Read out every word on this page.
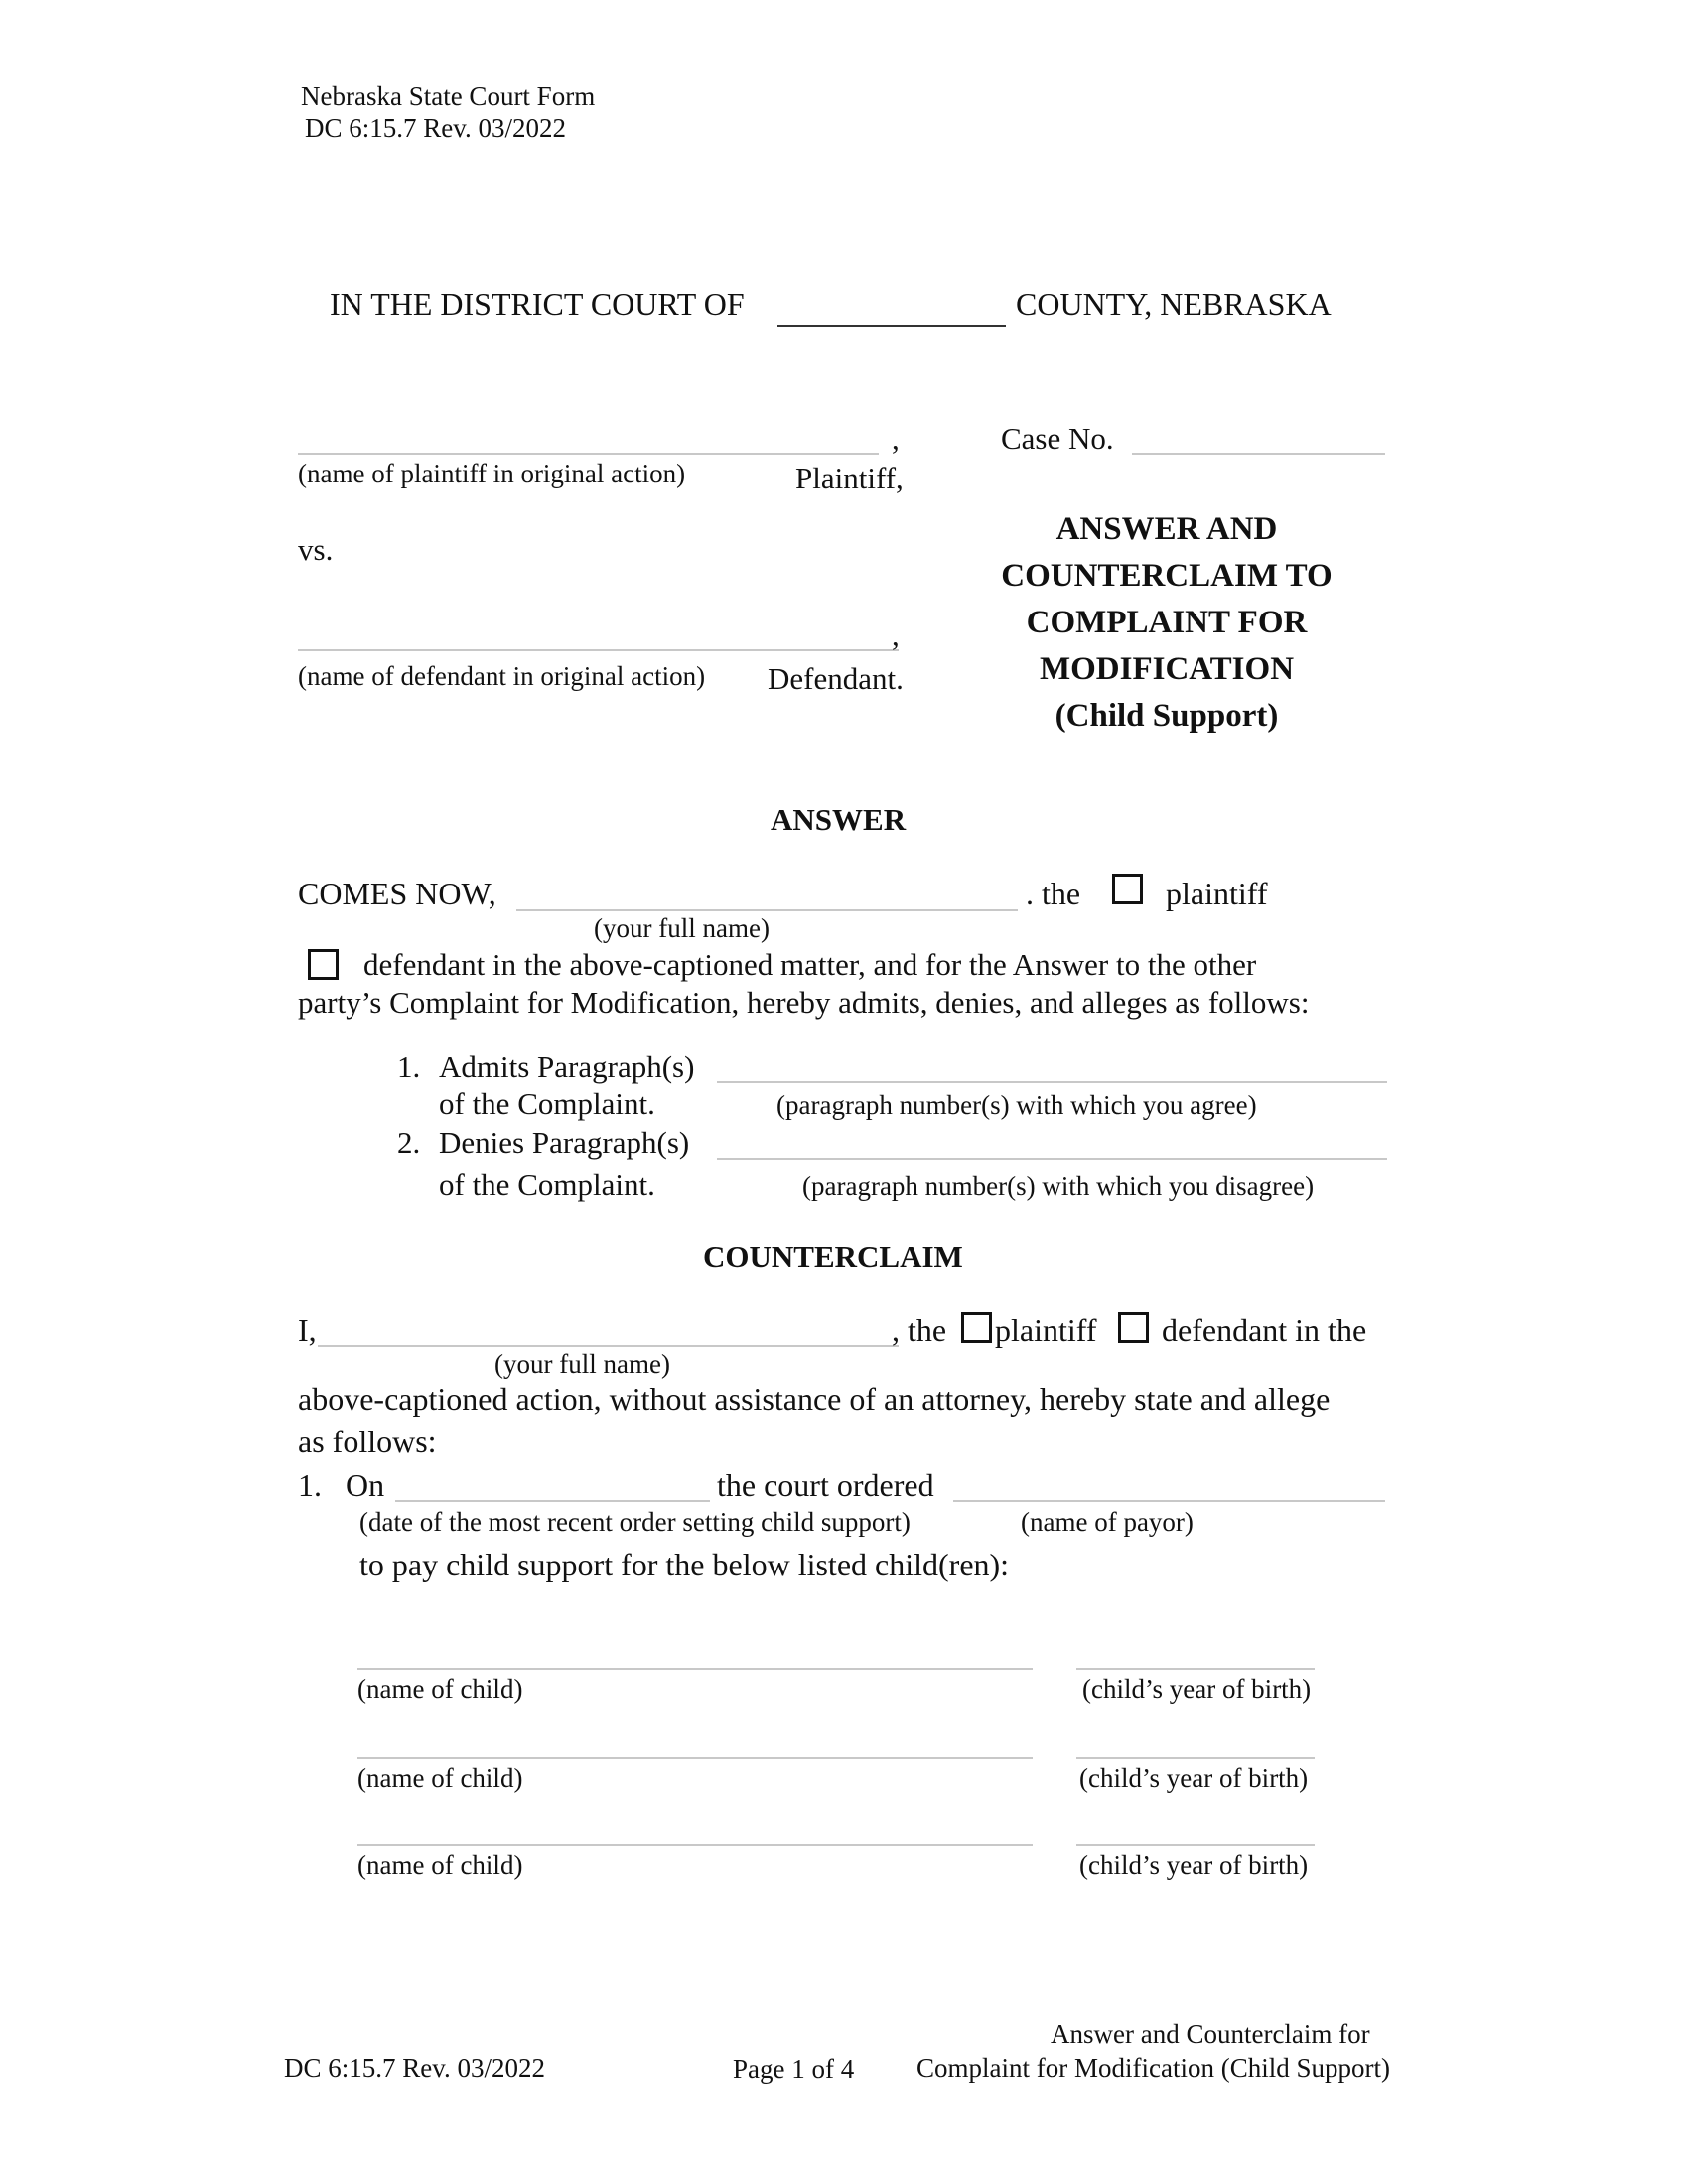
Nebraska State Court Form
DC 6:15.7 Rev. 03/2022
IN THE DISTRICT COURT OF	COUNTY, NEBRASKA
,
(name of plaintiff in original action)	Plaintiff,
vs.
,
(name of defendant in original action) Defendant.
Case No.
ANSWER AND
COUNTERCLAIM TO
COMPLAINT FOR
MODIFICATION
(Child Support)
ANSWER
COMES NOW,	. the	plaintiff
(your full name)
defendant in the above-captioned matter, and for the Answer to the other
party’s Complaint for Modification, hereby admits, denies, and alleges as follows:
1. Admits Paragraph(s)
of the Complaint.	(paragraph number(s) with which you agree)
2. Denies Paragraph(s)
of the Complaint.	(paragraph number(s) with which you disagree)
COUNTERCLAIM
I,	, the plaintiff defendant in the
(your full name)
above-captioned action, without assistance of an attorney, hereby state and allege
as follows:
1. On	the court ordered
(date of the most recent order setting child support)	(name of payor)
to pay child support for the below listed child(ren):
(name of child)	(child’s year of birth)
(name of child)	(child’s year of birth)
(name of child)	(child’s year of birth)
Answer and Counterclaim for
DC 6:15.7 Rev. 03/2022	Page 1 of 4 Complaint for Modification (Child Support)
